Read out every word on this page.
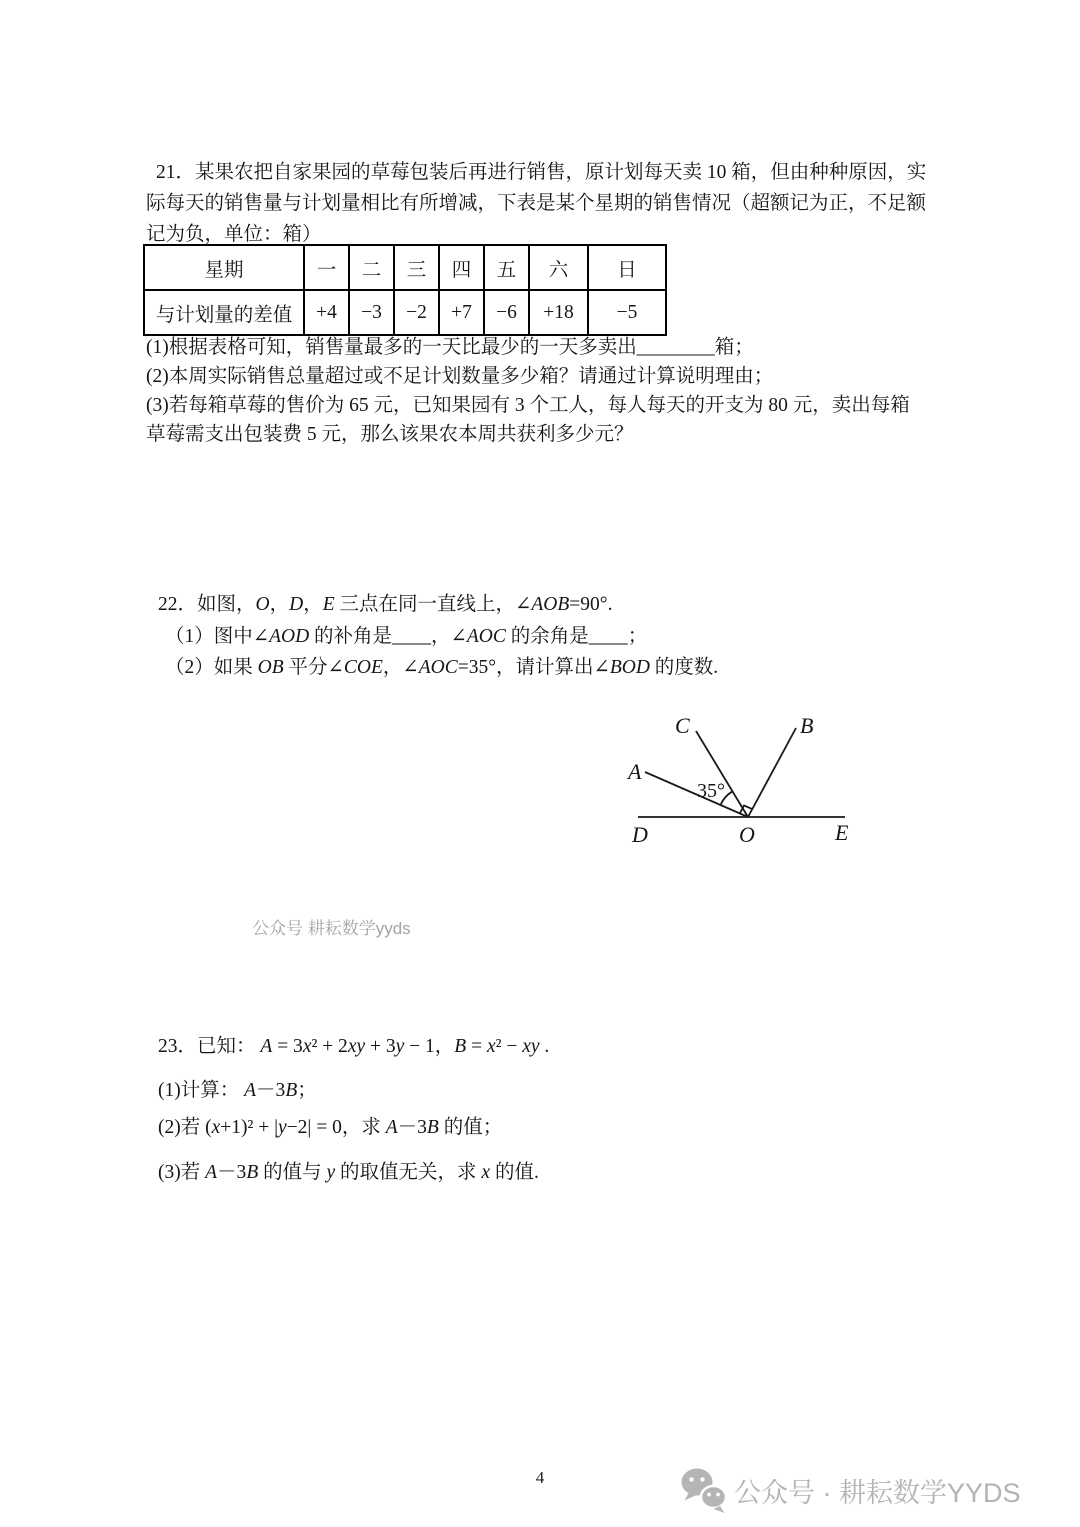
21．某果农把自家果园的草莓包装后再进行销售，原计划每天卖 10 箱，但由种种原因，实
际每天的销售量与计划量相比有所增减，下表是某个星期的销售情况（超额记为正，不足额
记为负，单位：箱）
星期	一	二	三	四	五	六	日
与计划量的差值	+4	−3	−2	+7	−6	+18	−5
(1)根据表格可知，销售量最多的一天比最少的一天多卖出________箱；
(2)本周实际销售总量超过或不足计划数量多少箱？请通过计算说明理由；
(3)若每箱草莓的售价为 65 元，已知果园有 3 个工人，每人每天的开支为 80 元，卖出每箱
草莓需支出包装费 5 元，那么该果农本周共获利多少元？
22．如图，O，D，E 三点在同一直线上，∠AOB=90°.
（1）图中∠AOD 的补角是____，∠AOC 的余角是____；
（2）如果 OB 平分∠COE，∠AOC=35°，请计算出∠BOD 的度数.
C	B
A
D	O	E
35°
公众号 耕耘数学yyds
23．已知： A = 3x² + 2xy + 3y − 1，B = x² − xy .
(1)计算： A－3B；
(2)若 (x+1)² + |y−2| = 0，求 A－3B 的值；
(3)若 A－3B 的值与 y 的取值无关，求 x 的值.
4
公众号 · 耕耘数学YYDS
